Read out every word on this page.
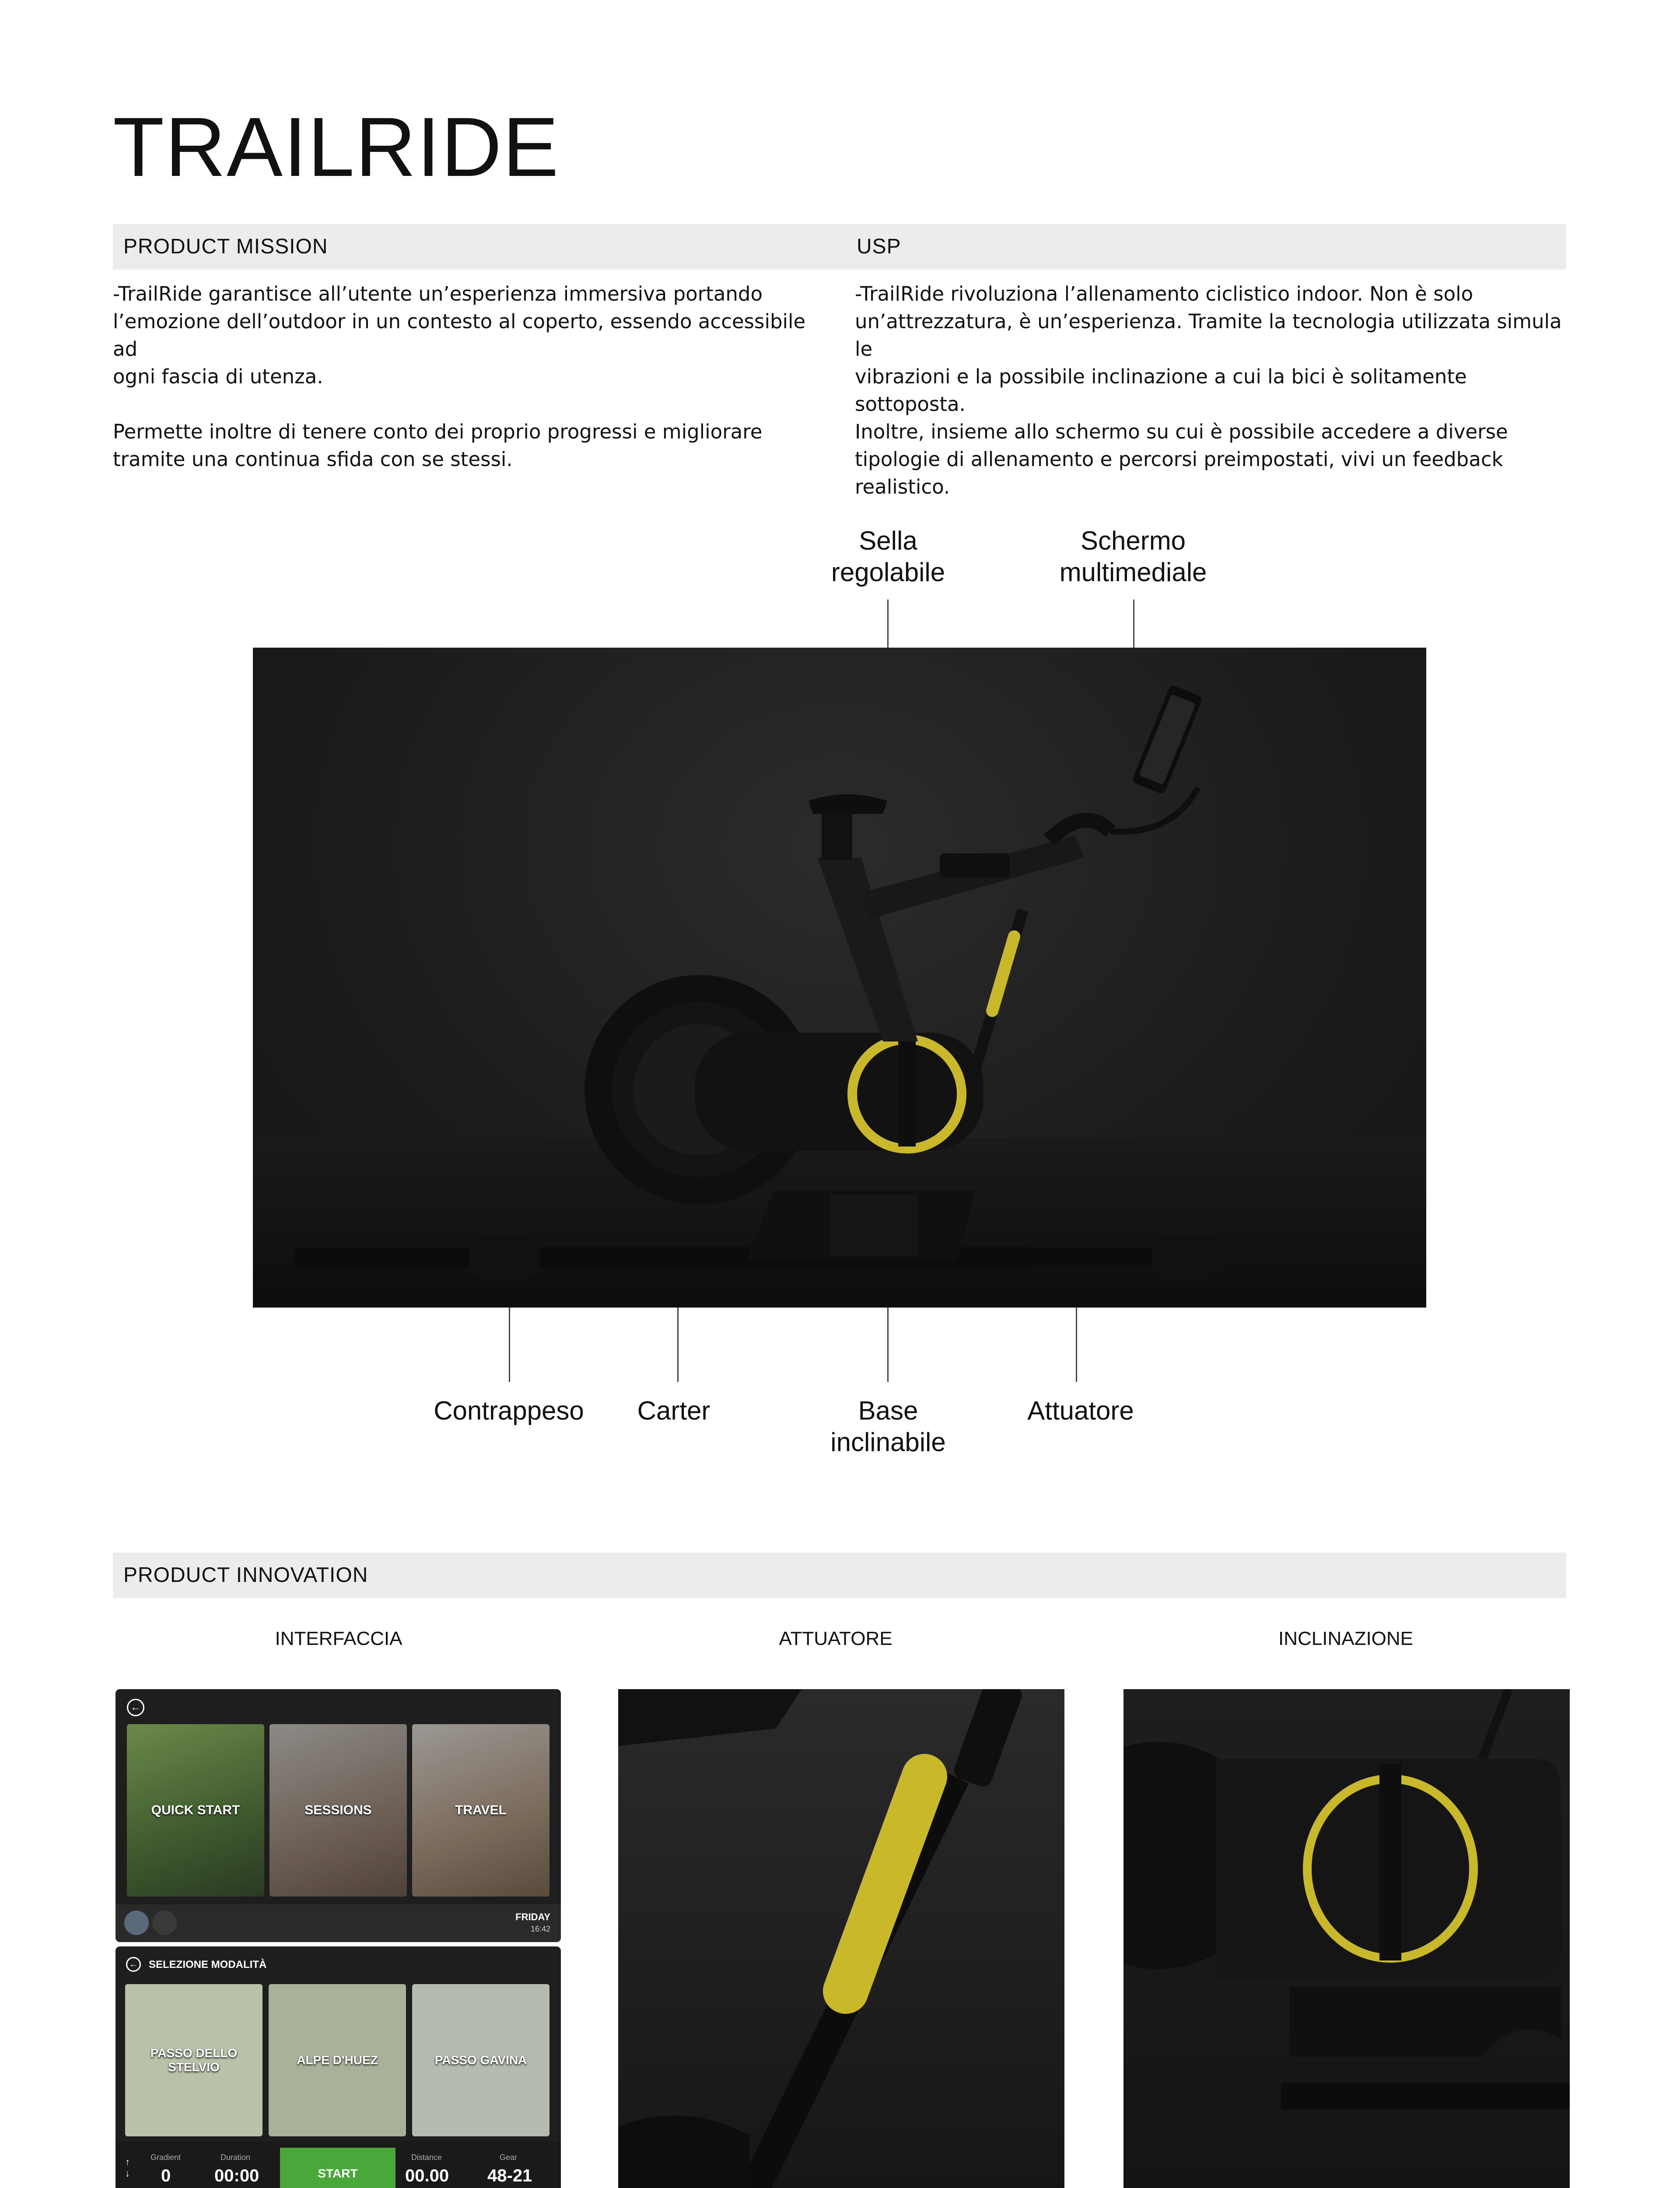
TRAILRIDE
PRODUCT MISSION	USP
-TrailRide garantisce all’utente un’esperienza immersiva portando
l’emozione dell’outdoor in un contesto al coperto, essendo accessibile ad
ogni fascia di utenza.
Permette inoltre di tenere conto dei proprio progressi e migliorare
tramite una continua sfida con se stessi.
-TrailRide rivoluziona l’allenamento ciclistico indoor. Non è solo
un’attrezzatura, è un’esperienza. Tramite la tecnologia utilizzata simula le
vibrazioni e la possibile inclinazione a cui la bici è solitamente sottoposta.
Inoltre, insieme allo schermo su cui è possibile accedere a diverse
tipologie di allenamento e percorsi preimpostati, vivi un feedback
realistico.
Sella
regolabile
Schermo
multimediale
Contrappeso	Carter	Base
inclinabile
Attuatore
PRODUCT INNOVATION
INTERFACCIA	ATTUATORE	INCLINAZIONE
←
QUICK START	SESSIONS	TRAVEL
FRIDAY
16:42
← SELEZIONE MODALITÀ
PASSO DELLO STELVIO
ALPE D'HUEZ	PASSO GAVINA
↑
↓
Gradient
0
Duration
00:00	START
Distance
00.00
Gear
48-21
